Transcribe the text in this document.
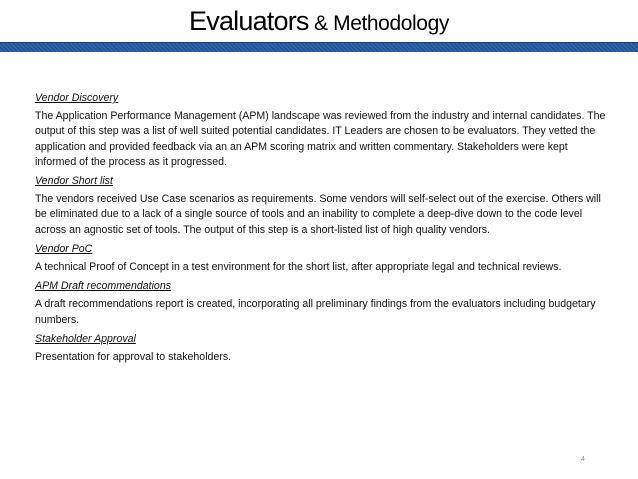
Evaluators & Methodology
Vendor Discovery
The Application Performance Management (APM) landscape was reviewed from the industry and internal candidates. The output of this step was a list of well suited potential candidates. IT Leaders are chosen to be evaluators. They vetted the application and provided feedback via an an APM scoring matrix and written commentary. Stakeholders were kept informed of the process as it progressed.
Vendor Short list
The vendors received Use Case scenarios as requirements. Some vendors will self-select out of the exercise. Others will be eliminated due to a lack of a single source of tools and an inability to complete a deep-dive down to the code level across an agnostic set of tools. The output of this step is a short-listed list of high quality vendors.
Vendor PoC
A technical Proof of Concept in a test environment for the short list, after appropriate legal and technical reviews.
APM Draft recommendations
A draft recommendations report is created, incorporating all preliminary findings from the evaluators including budgetary numbers.
Stakeholder Approval
Presentation for approval to stakeholders.
4
